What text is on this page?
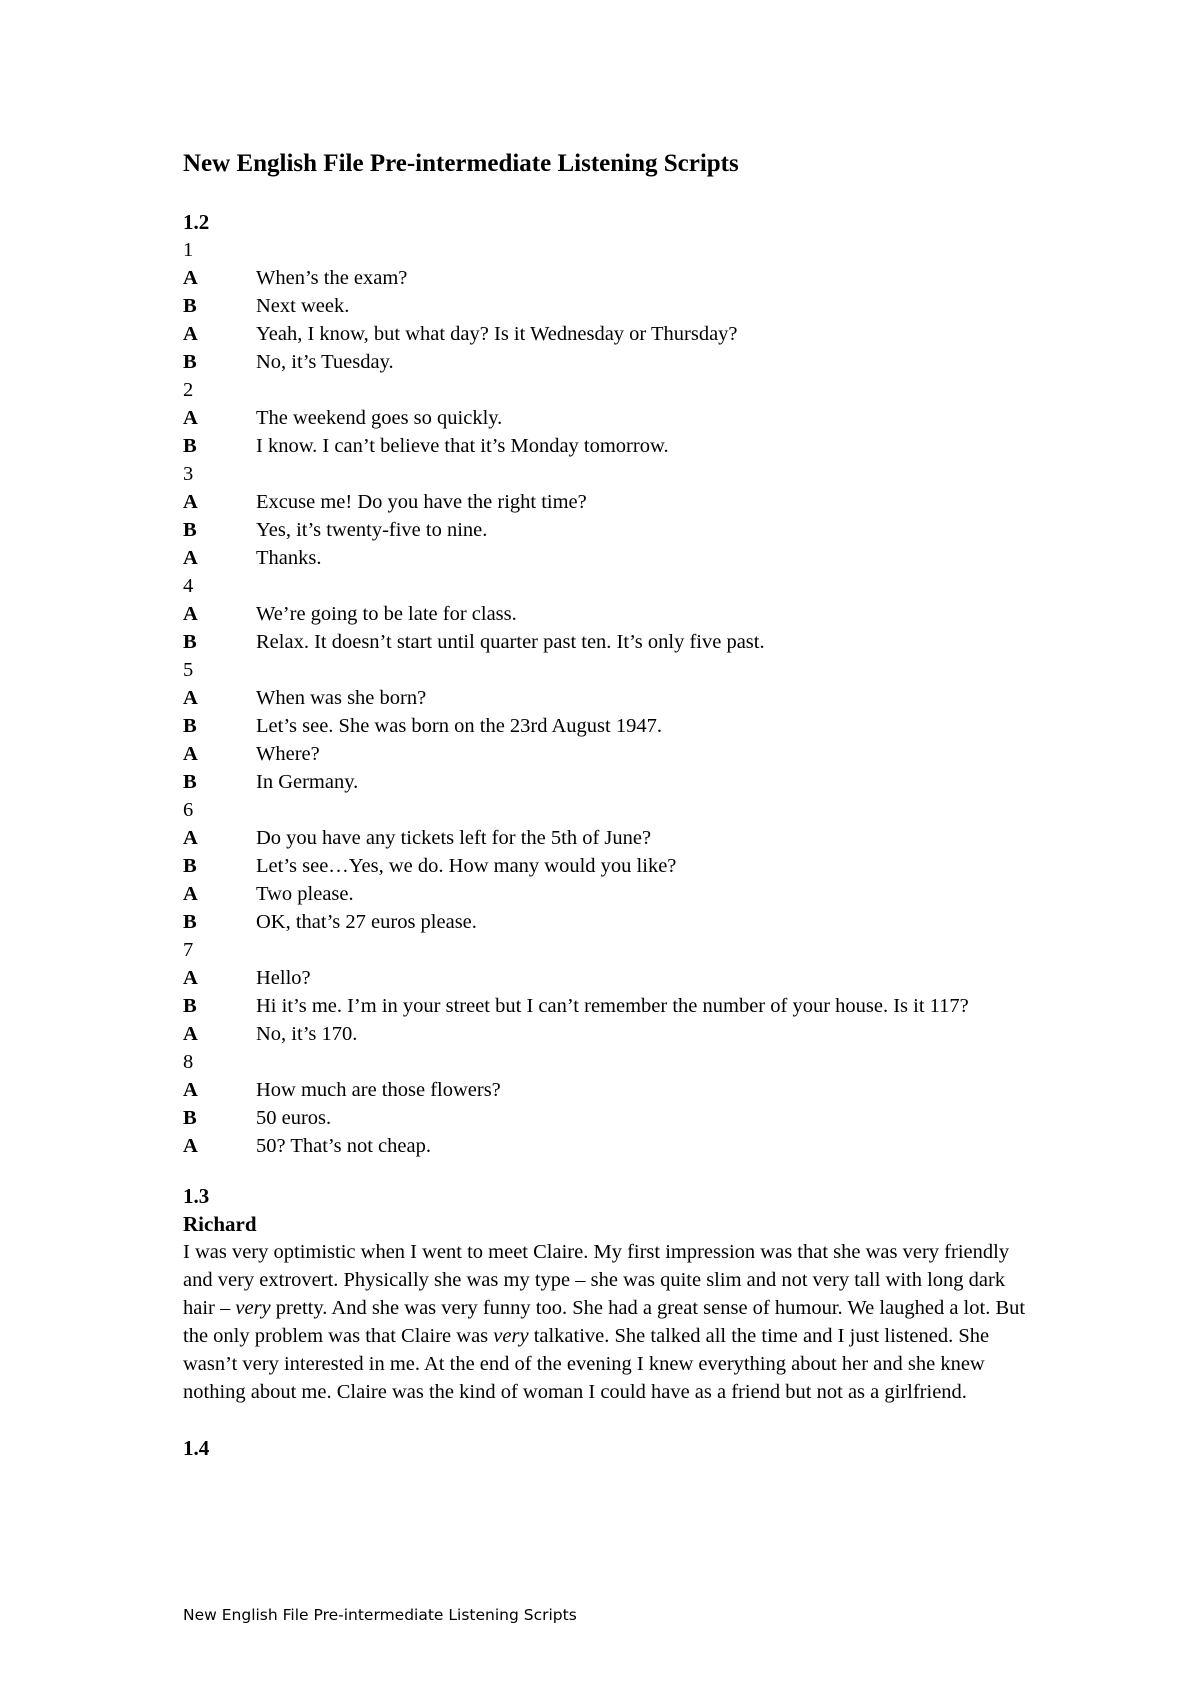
New English File Pre-intermediate Listening Scripts
1.2
1
A	When’s the exam?
B	Next week.
A	Yeah, I know, but what day? Is it Wednesday or Thursday?
B	No, it’s Tuesday.
2
A	The weekend goes so quickly.
B	I know. I can’t believe that it’s Monday tomorrow.
3
A	Excuse me! Do you have the right time?
B	Yes, it’s twenty-five to nine.
A	Thanks.
4
A	We’re going to be late for class.
B	Relax. It doesn’t start until quarter past ten. It’s only five past.
5
A	When was she born?
B	Let’s see. She was born on the 23rd August 1947.
A	Where?
B	In Germany.
6
A	Do you have any tickets left for the 5th of June?
B	Let’s see…Yes, we do. How many would you like?
A	Two please.
B	OK, that’s 27 euros please.
7
A	Hello?
B	Hi it’s me. I’m in your street but I can’t remember the number of your house. Is it 117?
A	No, it’s 170.
8
A	How much are those flowers?
B	50 euros.
A	50? That’s not cheap.
1.3
Richard
I was very optimistic when I went to meet Claire. My first impression was that she was very friendly and very extrovert. Physically she was my type – she was quite slim and not very tall with long dark hair – very pretty. And she was very funny too. She had a great sense of humour. We laughed a lot. But the only problem was that Claire was very talkative. She talked all the time and I just listened. She wasn’t very interested in me. At the end of the evening I knew everything about her and she knew nothing about me. Claire was the kind of woman I could have as a friend but not as a girlfriend.
1.4
New English File Pre-intermediate Listening Scripts
